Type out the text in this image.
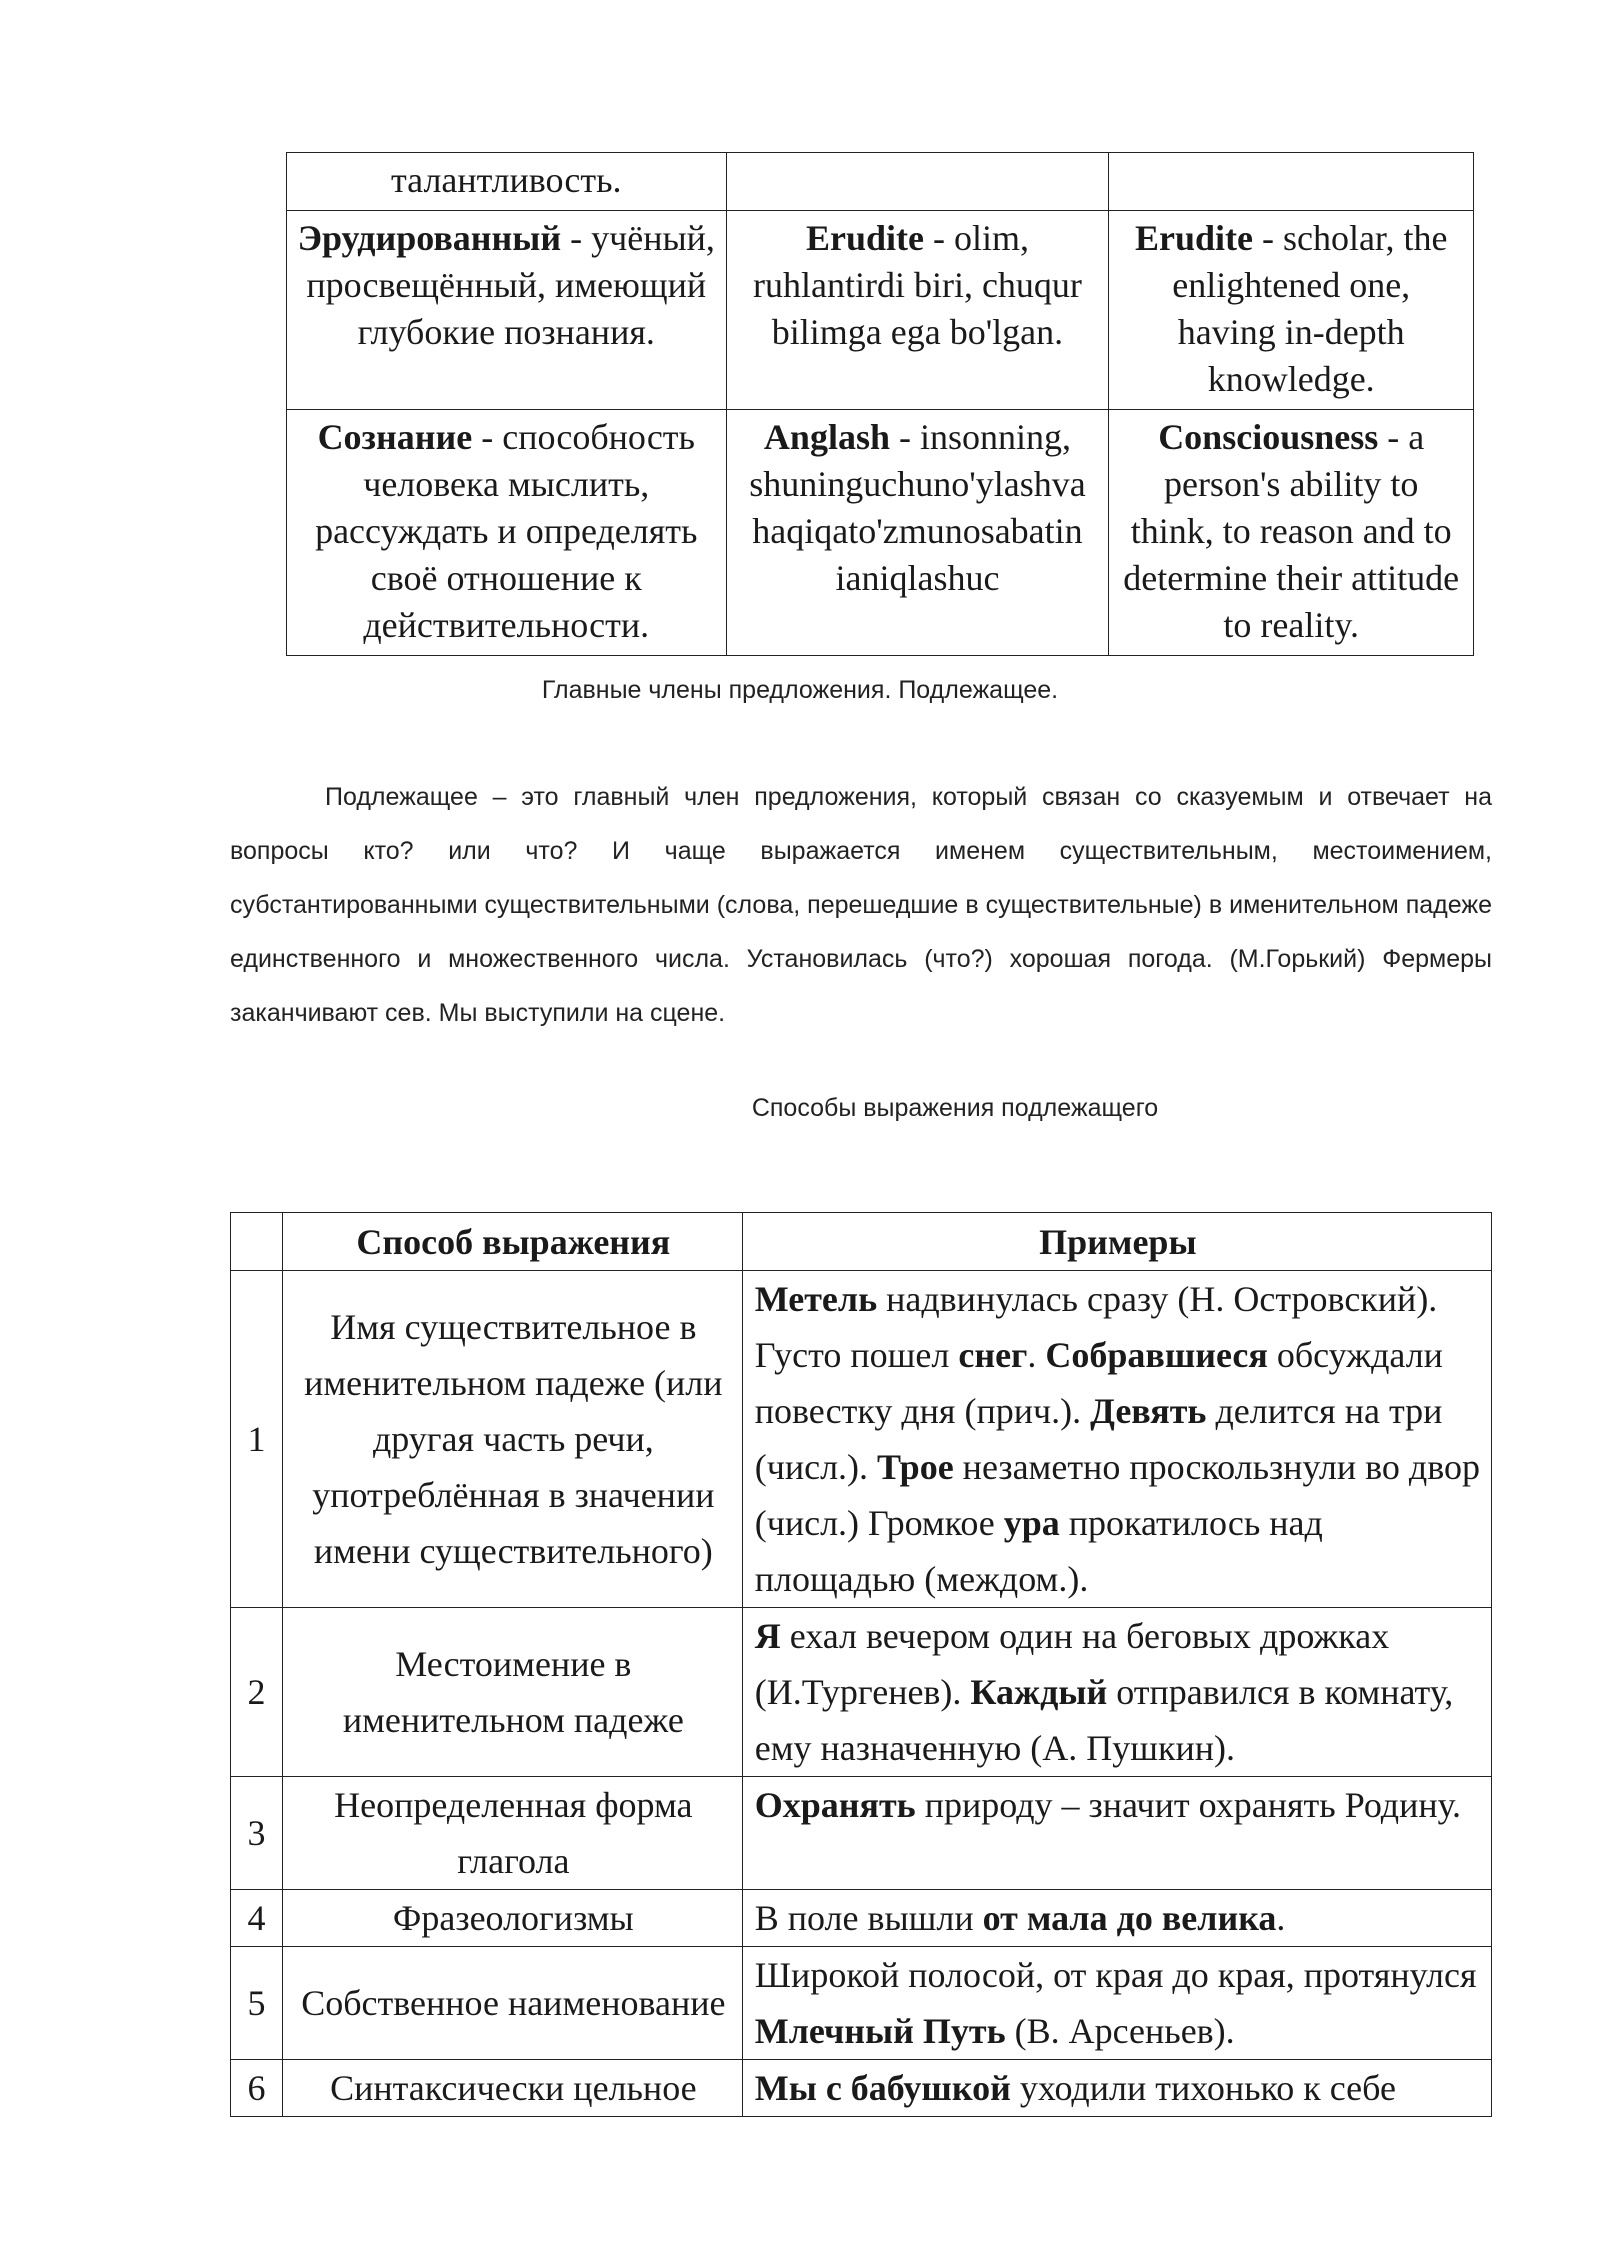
талантливость.		
Эрудированный - учёный, просвещённый, имеющий глубокие познания.	Erudite - olim, ruhlantirdi biri, chuqur bilimga ega bo'lgan.	Erudite - scholar, the enlightened one, having in-depth knowledge.
Сознание - способность человека мыслить, рассуждать и определять своё отношение к действительности.	Anglash - insonning, shuninguchuno'ylashva haqiqato'zmunosabatin ianiqlashuc	Consciousness - a person's ability to think, to reason and to determine their attitude to reality.
Главные члены предложения. Подлежащее.

Подлежащее – это главный член предложения, который связан со сказуемым и отвечает на вопросы кто? или что? И чаще выражается именем существительным, местоимением, субстантированными существительными (слова, перешедшие в существительные) в именительном падеже единственного и множественного числа. Установилась (что?) хорошая погода. (М.Горький) Фермеры заканчивают сев. Мы выступили на сцене.

Способы выражения подлежащего
	Способ выражения	Примеры
1	Имя существительное в именительном падеже (или другая часть речи, употреблённая в значении имени существительного)	Метель надвинулась сразу (Н. Островский). Густо пошел снег. Собравшиеся обсуждали повестку дня (прич.). Девять делится на три (числ.). Трое незаметно проскользнули во двор (числ.) Громкое ура прокатилось над площадью (междом.).
2	Местоимение в именительном падеже	Я ехал вечером один на беговых дрожках (И.Тургенев). Каждый отправился в комнату, ему назначенную (А. Пушкин).
3	Неопределенная форма глагола	Охранять природу – значит охранять Родину.
4	Фразеологизмы	В поле вышли от мала до велика.
5	Собственное наименование	Широкой полосой, от края до края, протянулся Млечный Путь (В. Арсеньев).
6	Синтаксически цельное	Мы с бабушкой уходили тихонько к себе
